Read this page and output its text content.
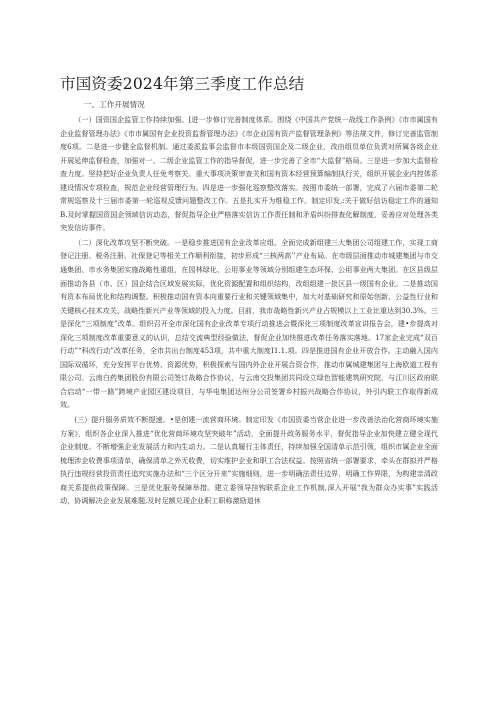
市国资委2024年第三季度工作总结
一、工作开展情况

（一）国资国企监管工作持续加强。[进一步修订完善制度体系。围绕《中国共产党统一战线工作条例》《市市属国有企业监督管理办法》《市市属国有企业投资监督管理办法》《市企业国有资产监督管理条例》等法规文件，修订完善监管制度6项。二是进一步健全监督机制。通过委派监事会监督市本级国资国企及二级企业，改由组员单位负责对所属各级企业开展延伸监督检查，加强对一、二级企业监管工作的指导督促，进一步完善了全市“大监督”格局。三是进一步加大监督检查力度。坚持把好企业负责人任免考察关、重大事项决策审查关和国有资本经营预算编制执行关，组织开展企业内控体系建设情况专项检查，规范企业经营管理行为。四是进一步强化巡察整改落实。按照市委统一部署，完成了六届市委第二轮常规巡察及十三届市委第一轮巡视反馈问题整改工作。五是扎实开为维稳工作。制定印发,:关于做好信访稳定工作的通知B.及时掌握国资国企领域信访动态，督促指导企业严格落实信访工作责任制和矛盾纠纷排查化解制度，妥善应对处理各类突发信访事件。

（二）深化改革攻坚不断突破。一是稳步推进国有企业改革应组。全面完成新组建三大集团公司组建工作，实现工商登记注册、税务注册、社保登记等相关工作顺利衔接，初步形成“三核两高’’产业布局。在市级层面推动市城建集团与市交通集团、市水务集团实施战略性重组，在园林绿化、公用事业等领域分别组建生态环保、公用事业两大集团。在区县级层面推动各县（市、区）国企结合区域发展实际，优化资源配置和组织结构，改组组建一批区县一级国有企业。二是推动国有资本布局优化和结构调整。积极推动国有资本向重要行业和关键领域集中，加大对基础研究和原始创新、公益性行业和关键核心技术攻关、战略性新兴产业等领域的投入力度。目前，我市战略性新兴产业占规模以上工业比重达到30.3%。三是深化“三项制度”改革。组织召开全市深化国有企业改革专项行动推进会暨深化三项制度改革宣讲报告会，建•步提高对深化三项制度改革重要意义的认识，总结交流典型经验做法，督促企业加快推进改革任务落实落地。17家企业完成“双百行动”“科改行动”改革任务，全市共出台制度453项，共中重大制度I1.1.项。四是推进国有企业开放合作。主动融入国内国际双循环，充分发挥平台优势、资源优势，积极探索与国内外企业开展合资合作，推动市属城建集团与上海欧道工程有限公司、云南白药集团股份有限公司签订战略合作协议，与云南交投集团共同设立绿色智能建筑研究院，与江川区政府联合启动“一带一路”跨境产业园区建设项目，与华电集团达州分公司签署乡村振兴战略合作协议，外引内联工作取得新成效。

(三）提升服务质效不断提速。•是创建一流营商环境。制定印发《市国资委当营企业进一步改善法治化营商环境实施方案》，组织各企业深入推进“优化营商环境攻坚突破年”活动，全面提升政务服务水平，督促指导企业加快建立健全现代企业制度。不断增强企业发展活力和内生动力。二是认真履行主体责任，持续加强全国清单示范引领，组织市属企业全面梳理涉企收费事项清单，确保清单之外无收费，切实维护企业和职工合法权益。按照省统一部署要求，牵头在群拟并严格执行违规经营投资责任追究实施办法和“三个区分开来”实施细则，进一步明确法责任边界，明确工作界限，为构建亲清政商关系提供政策保障。三是优化服务保障举措。建立委领导挂钩联系企业工作机制,深入开展“我为群众办实事”实践活动，协调解决企业发展难题,及时足额兑现企业职工职称激励退休
